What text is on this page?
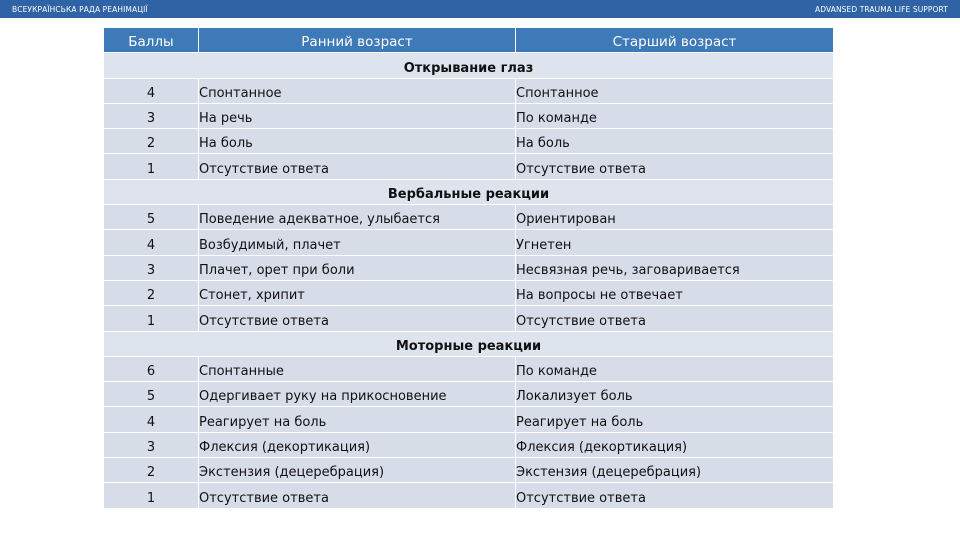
ВСЕУКРАЇНСЬКА РАДА РЕАНІМАЦІЇ	ADVANSED TRAUMA LIFE SUPPORT
Баллы	Ранний возраст	Старший возраст
Открывание глаз		
4	Спонтанное	Спонтанное
3	На речь	По команде
2	На боль	На боль
1	Отсутствие ответа	Отсутствие ответа
Вербальные реакции		
5	Поведение адекватное, улыбается	Ориентирован
4	Возбудимый, плачет	Угнетен
3	Плачет, орет при боли	Несвязная речь, заговаривается
2	Стонет, хрипит	На вопросы не отвечает
1	Отсутствие ответа	Отсутствие ответа
Моторные реакции		
6	Спонтанные	По команде
5	Одергивает руку на прикосновение	Локализует боль
4	Реагирует на боль	Реагирует на боль
3	Флексия (декортикация)	Флексия (декортикация)
2	Экстензия (децеребрация)	Экстензия (децеребрация)
1	Отсутствие ответа	Отсутствие ответа
